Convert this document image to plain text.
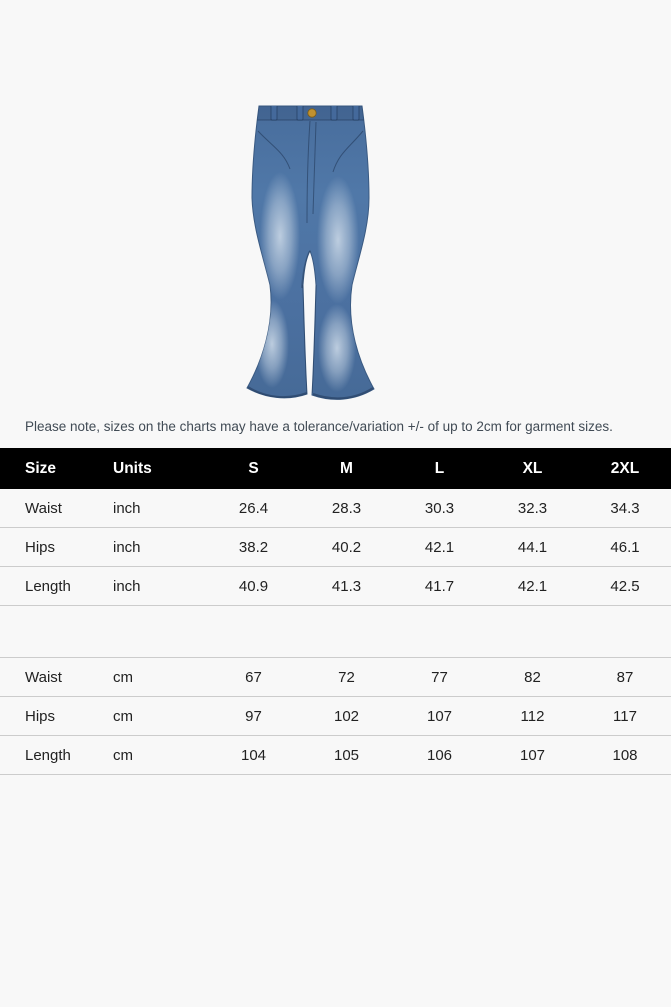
Please note, sizes on the charts may have a tolerance/variation +/- of up to 2cm for garment sizes.

Size	Units	S	M	L	XL	2XL
Waist	inch	26.4	28.3	30.3	32.3	34.3
Hips	inch	38.2	40.2	42.1	44.1	46.1
Length	inch	40.9	41.3	41.7	42.1	42.5

Waist	cm	67	72	77	82	87
Hips	cm	97	102	107	112	117
Length	cm	104	105	106	107	108
